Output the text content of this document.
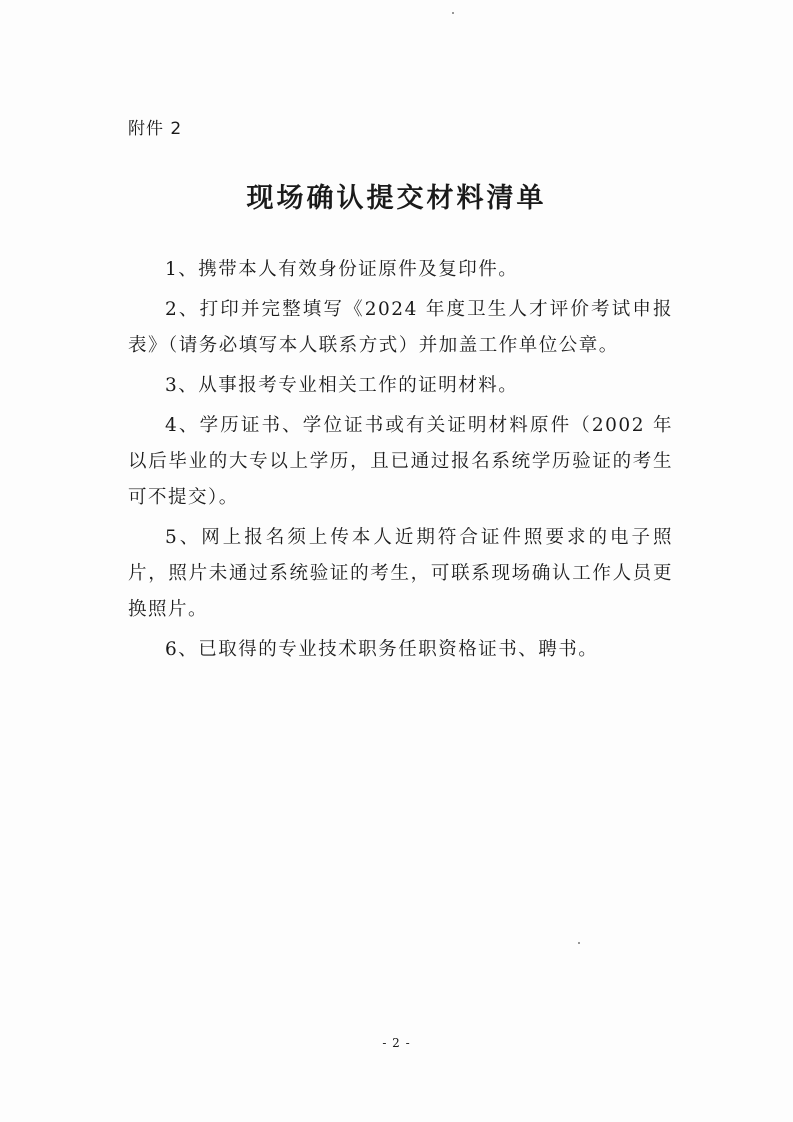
附件 2
现场确认提交材料清单

1、携带本人有效身份证原件及复印件。

2、打印并完整填写《2024 年度卫生人才评价考试申报表》（请务必填写本人联系方式）并加盖工作单位公章。

3、从事报考专业相关工作的证明材料。

4、学历证书、学位证书或有关证明材料原件（2002 年以后毕业的大专以上学历，且已通过报名系统学历验证的考生可不提交）。

5、网上报名须上传本人近期符合证件照要求的电子照片，照片未通过系统验证的考生，可联系现场确认工作人员更换照片。

6、已取得的专业技术职务任职资格证书、聘书。

- 2 -
